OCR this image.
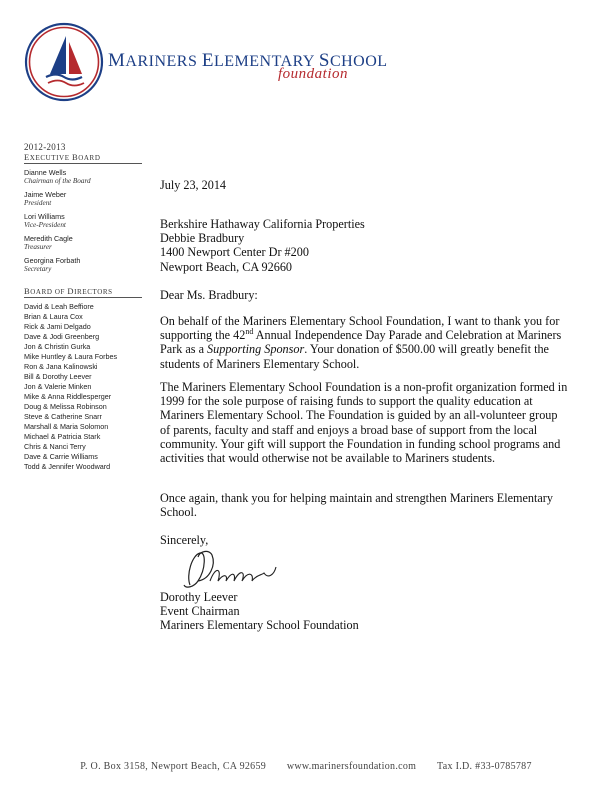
MARINERS ELEMENTARY SCHOOL
foundation
2012-2013
EXECUTIVE BOARD
Dianne Wells
Chairman of the Board
Jaime Weber
President
Lori Williams
Vice-President
Meredith Cagle
Treasurer
Georgina Forbath
Secretary
BOARD OF DIRECTORS
David & Leah Beffiore
Brian & Laura Cox
Rick & Jami Delgado
Dave & Jodi Greenberg
Jon & Christin Gurka
Mike Huntley & Laura Forbes
Ron & Jana Kalinowski
Bill & Dorothy Leever
Jon & Valerie Minken
Mike & Anna Riddlesperger
Doug & Melissa Robinson
Steve & Catherine Snarr
Marshall & Maria Solomon
Michael & Patricia Stark
Chris & Nanci Terry
Dave & Carrie Williams
Todd & Jennifer Woodward
July 23, 2014
Berkshire Hathaway California Properties
Debbie Bradbury
1400 Newport Center Dr #200
Newport Beach, CA 92660
Dear Ms. Bradbury:
On behalf of the Mariners Elementary School Foundation, I want to thank you for supporting the 42nd Annual Independence Day Parade and Celebration at Mariners Park as a Supporting Sponsor. Your donation of $500.00 will greatly benefit the students of Mariners Elementary School.
The Mariners Elementary School Foundation is a non-profit organization formed in 1999 for the sole purpose of raising funds to support the quality education at Mariners Elementary School. The Foundation is guided by an all-volunteer group of parents, faculty and staff and enjoys a broad base of support from the local community. Your gift will support the Foundation in funding school programs and activities that would otherwise not be available to Mariners students.
Once again, thank you for helping maintain and strengthen Mariners Elementary School.
Sincerely,
Dorothy Leever
Event Chairman
Mariners Elementary School Foundation
P. O. Box 3158, Newport Beach, CA 92659 www.marinersfoundation.com Tax I.D. #33-0785787
